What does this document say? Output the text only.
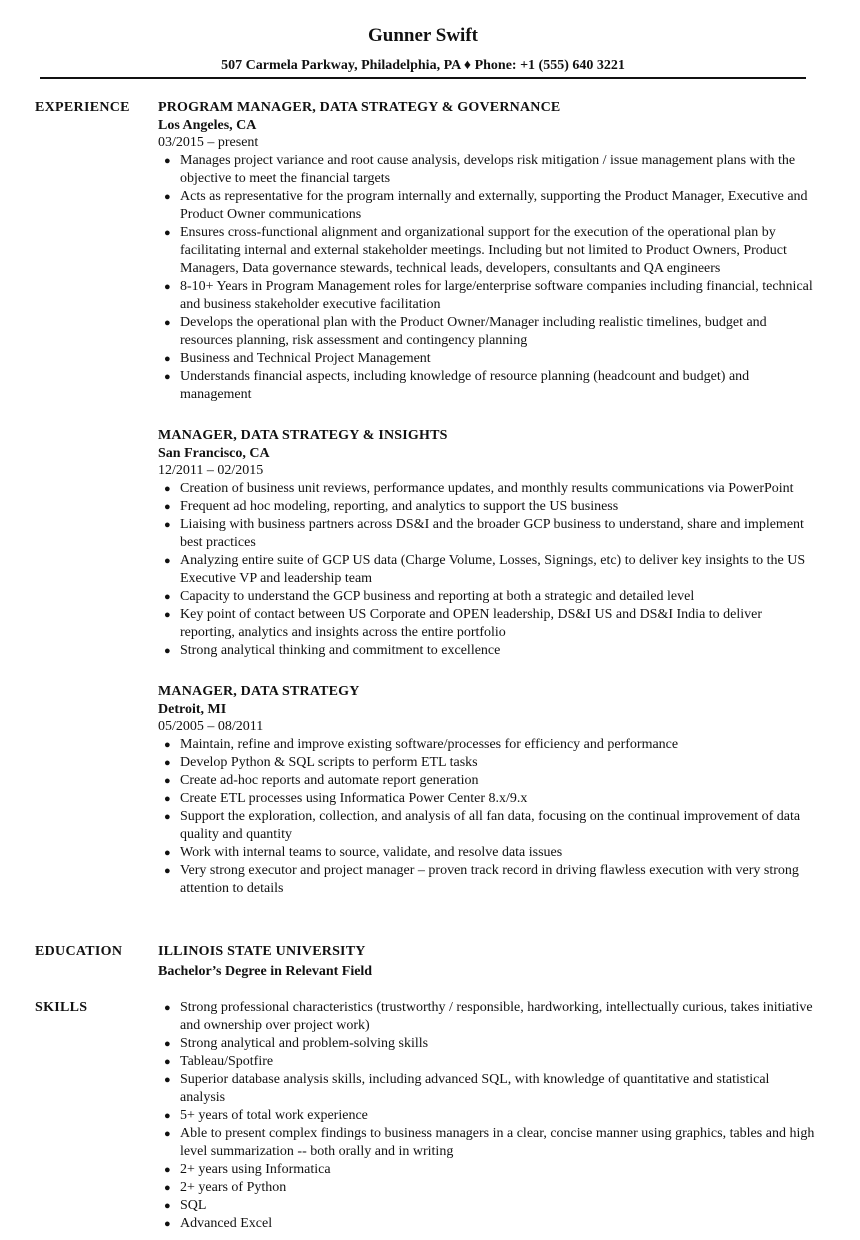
Gunner Swift
507 Carmela Parkway, Philadelphia, PA ♦ Phone: +1 (555) 640 3221
EXPERIENCE	PROGRAM MANAGER, DATA STRATEGY & GOVERNANCE
Los Angeles, CA
03/2015 – present
● Manages project variance and root cause analysis, develops risk mitigation / issue management plans with the objective to meet the financial targets
● Acts as representative for the program internally and externally, supporting the Product Manager, Executive and Product Owner communications
● Ensures cross-functional alignment and organizational support for the execution of the operational plan by facilitating internal and external stakeholder meetings. Including but not limited to Product Owners, Product Managers, Data governance stewards, technical leads, developers, consultants and QA engineers
● 8-10+ Years in Program Management roles for large/enterprise software companies including financial, technical and business stakeholder executive facilitation
● Develops the operational plan with the Product Owner/Manager including realistic timelines, budget and resources planning, risk assessment and contingency planning
● Business and Technical Project Management
● Understands financial aspects, including knowledge of resource planning (headcount and budget) and management
MANAGER, DATA STRATEGY & INSIGHTS
San Francisco, CA
12/2011 – 02/2015
● Creation of business unit reviews, performance updates, and monthly results communications via PowerPoint
● Frequent ad hoc modeling, reporting, and analytics to support the US business
● Liaising with business partners across DS&I and the broader GCP business to understand, share and implement best practices
● Analyzing entire suite of GCP US data (Charge Volume, Losses, Signings, etc) to deliver key insights to the US Executive VP and leadership team
● Capacity to understand the GCP business and reporting at both a strategic and detailed level
● Key point of contact between US Corporate and OPEN leadership, DS&I US and DS&I India to deliver reporting, analytics and insights across the entire portfolio
● Strong analytical thinking and commitment to excellence
MANAGER, DATA STRATEGY
Detroit, MI
05/2005 – 08/2011
● Maintain, refine and improve existing software/processes for efficiency and performance
● Develop Python & SQL scripts to perform ETL tasks
● Create ad-hoc reports and automate report generation
● Create ETL processes using Informatica Power Center 8.x/9.x
● Support the exploration, collection, and analysis of all fan data, focusing on the continual improvement of data quality and quantity
● Work with internal teams to source, validate, and resolve data issues
● Very strong executor and project manager – proven track record in driving flawless execution with very strong attention to details
EDUCATION	ILLINOIS STATE UNIVERSITY
Bachelor’s Degree in Relevant Field
SKILLS	● Strong professional characteristics (trustworthy / responsible, hardworking, intellectually curious, takes initiative and ownership over project work)
● Strong analytical and problem-solving skills
● Tableau/Spotfire
● Superior database analysis skills, including advanced SQL, with knowledge of quantitative and statistical analysis
● 5+ years of total work experience
● Able to present complex findings to business managers in a clear, concise manner using graphics, tables and high level summarization -- both orally and in writing
● 2+ years using Informatica
● 2+ years of Python
● SQL
● Advanced Excel
